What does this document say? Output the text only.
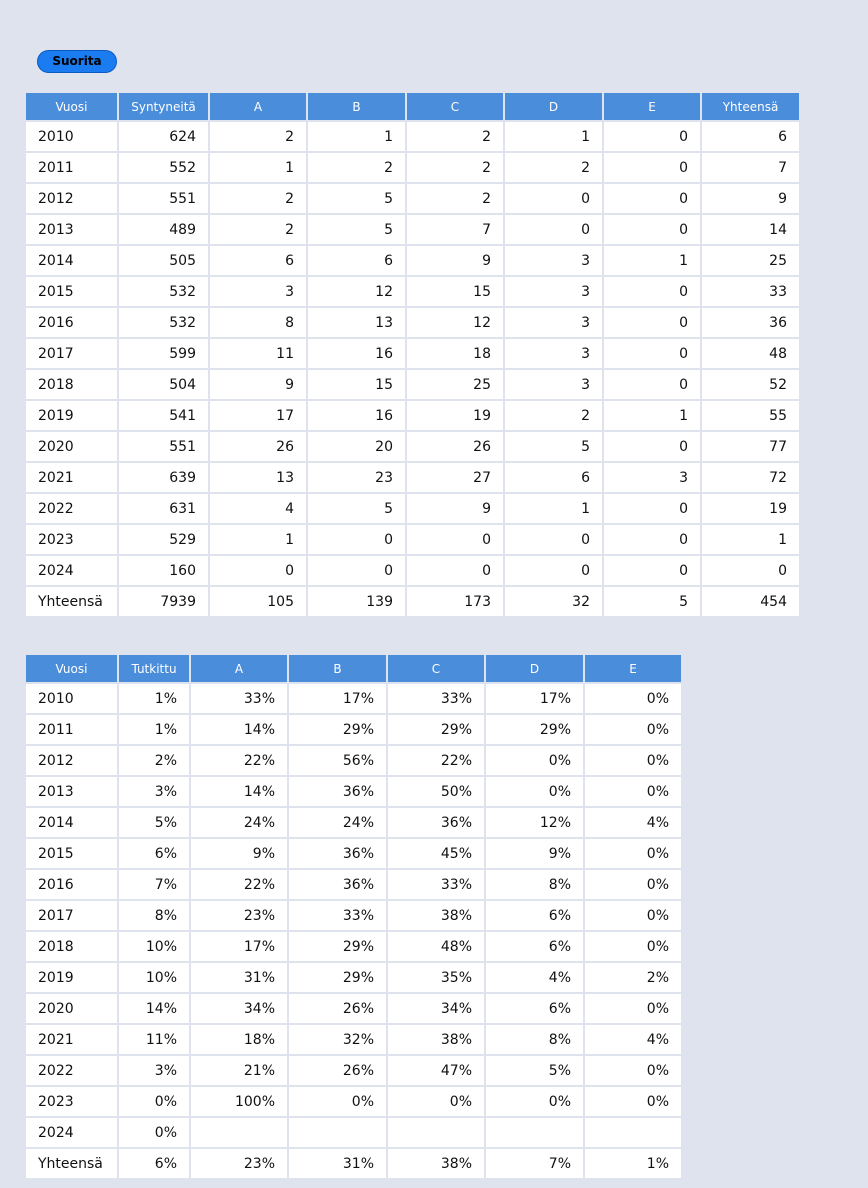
Suorita
Vuosi	Syntyneitä	A	B	C	D	E	Yhteensä
2010	624	2	1	2	1	0	6
2011	552	1	2	2	2	0	7
2012	551	2	5	2	0	0	9
2013	489	2	5	7	0	0	14
2014	505	6	6	9	3	1	25
2015	532	3	12	15	3	0	33
2016	532	8	13	12	3	0	36
2017	599	11	16	18	3	0	48
2018	504	9	15	25	3	0	52
2019	541	17	16	19	2	1	55
2020	551	26	20	26	5	0	77
2021	639	13	23	27	6	3	72
2022	631	4	5	9	1	0	19
2023	529	1	0	0	0	0	1
2024	160	0	0	0	0	0	0
Yhteensä	7939	105	139	173	32	5	454
Vuosi	Tutkittu	A	B	C	D	E
2010	1%	33%	17%	33%	17%	0%
2011	1%	14%	29%	29%	29%	0%
2012	2%	22%	56%	22%	0%	0%
2013	3%	14%	36%	50%	0%	0%
2014	5%	24%	24%	36%	12%	4%
2015	6%	9%	36%	45%	9%	0%
2016	7%	22%	36%	33%	8%	0%
2017	8%	23%	33%	38%	6%	0%
2018	10%	17%	29%	48%	6%	0%
2019	10%	31%	29%	35%	4%	2%
2020	14%	34%	26%	34%	6%	0%
2021	11%	18%	32%	38%	8%	4%
2022	3%	21%	26%	47%	5%	0%
2023	0%	100%	0%	0%	0%	0%
2024	0%					
Yhteensä	6%	23%	31%	38%	7%	1%
